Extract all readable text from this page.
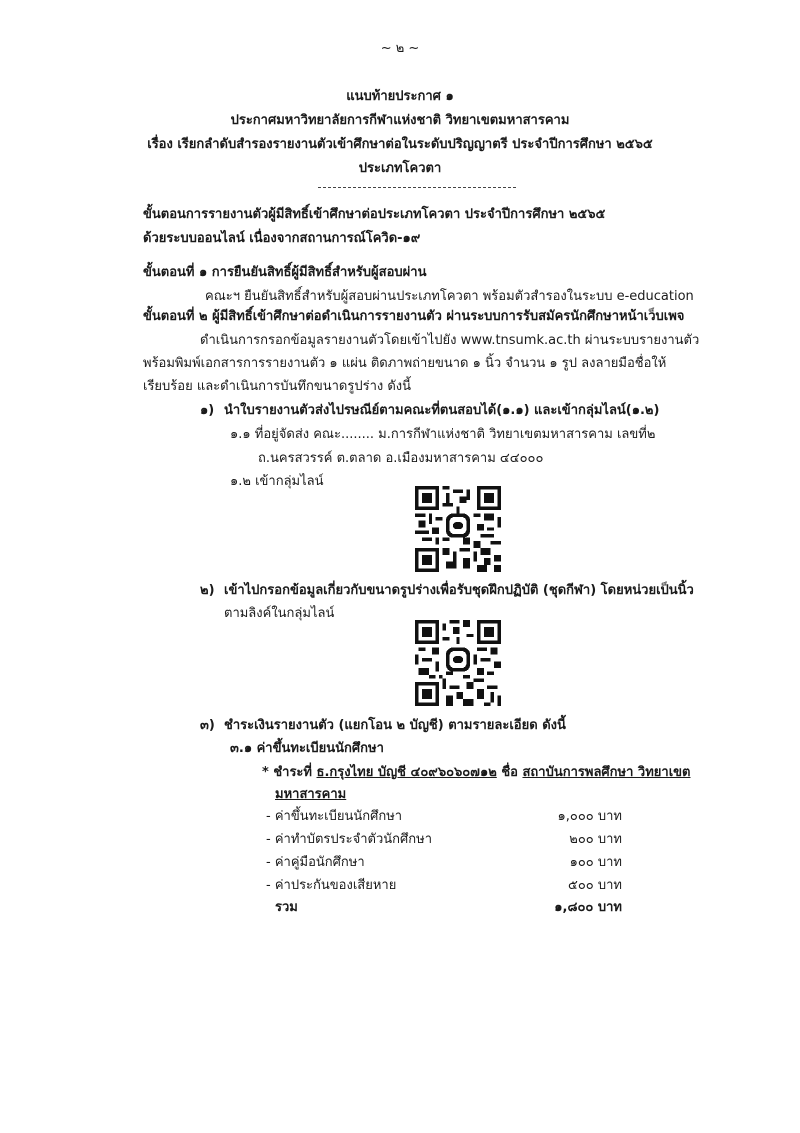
~ ๒ ~
แนบท้ายประกาศ ๑
ประกาศมหาวิทยาลัยการกีฬาแห่งชาติ วิทยาเขตมหาสารคาม
เรื่อง เรียกลำดับสำรองรายงานตัวเข้าศึกษาต่อในระดับปริญญาตรี ประจำปีการศึกษา ๒๕๖๕
ประเภทโควตา
ขั้นตอนการรายงานตัวผู้มีสิทธิ์เข้าศึกษาต่อประเภทโควตา ประจำปีการศึกษา ๒๕๖๕
ด้วยระบบออนไลน์ เนื่องจากสถานการณ์โควิด-๑๙
ขั้นตอนที่ ๑ การยืนยันสิทธิ์ผู้มีสิทธิ์สำหรับผู้สอบผ่าน
คณะฯ ยืนยันสิทธิ์สำหรับผู้สอบผ่านประเภทโควตา พร้อมตัวสำรองในระบบ e-education
ขั้นตอนที่ ๒ ผู้มีสิทธิ์เข้าศึกษาต่อดำเนินการรายงานตัว ผ่านระบบการรับสมัครนักศึกษาหน้าเว็บเพจ
ดำเนินการกรอกข้อมูลรายงานตัวโดยเข้าไปยัง www.tnsumk.ac.th ผ่านระบบรายงานตัว
พร้อมพิมพ์เอกสารการรายงานตัว ๑ แผ่น ติดภาพถ่ายขนาด ๑ นิ้ว จำนวน ๑ รูป ลงลายมือชื่อให้
เรียบร้อย และดำเนินการบันทึกขนาดรูปร่าง ดังนี้
๑) นำใบรายงานตัวส่งไปรษณีย์ตามคณะที่ตนสอบได้(๑.๑) และเข้ากลุ่มไลน์(๑.๒)
๑.๑ ที่อยู่จัดส่ง คณะ........ ม.การกีฬาแห่งชาติ วิทยาเขตมหาสารคาม เลขที่๒
ถ.นครสวรรค์ ต.ตลาด อ.เมืองมหาสารคาม ๔๔๐๐๐
๑.๒ เข้ากลุ่มไลน์
๒) เข้าไปกรอกข้อมูลเกี่ยวกับขนาดรูปร่างเพื่อรับชุดฝึกปฏิบัติ (ชุดกีฬา) โดยหน่วยเป็นนิ้ว
ตามลิงค์ในกลุ่มไลน์
๓) ชำระเงินรายงานตัว (แยกโอน ๒ บัญชี) ตามรายละเอียด ดังนี้
๓.๑ ค่าขึ้นทะเบียนนักศึกษา
* ชำระที่ ธ.กรุงไทย บัญชี ๔๐๙๖๐๖๐๗๑๒ ชื่อ สถาบันการพลศึกษา วิทยาเขต
มหาสารคาม
- ค่าขึ้นทะเบียนนักศึกษา	๑,๐๐๐ บาท
- ค่าทำบัตรประจำตัวนักศึกษา	๒๐๐ บาท
- ค่าคู่มือนักศึกษา	๑๐๐ บาท
- ค่าประกันของเสียหาย	๕๐๐ บาท
รวม	๑,๘๐๐ บาท
